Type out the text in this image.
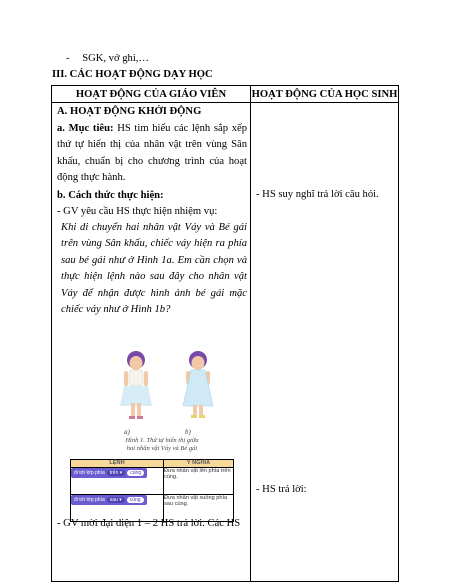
- SGK, vở ghi,…
III. CÁC HOẠT ĐỘNG DẠY HỌC
HOẠT ĐỘNG CỦA GIÁO VIÊN	HOẠT ĐỘNG CỦA HỌC SINH

A. HOẠT ĐỘNG KHỞI ĐỘNG
a. Mục tiêu: HS tìm hiểu các lệnh sắp xếp thứ tự hiển thị của nhân vật trên vùng Sân khấu, chuẩn bị cho chương trình của hoạt động thực hành.
b. Cách thức thực hiện:
- GV yêu cầu HS thực hiện nhiệm vụ:
Khi di chuyển hai nhân vật Váy và Bé gái trên vùng Sân khấu, chiếc váy hiện ra phía sau bé gái như ở Hình 1a. Em cần chọn và thực hiện lệnh nào sau đây cho nhân vật Váy để nhận được hình ảnh bé gái mặc chiếc váy như ở Hình 1b?
a)	b)
Hình 1. Thứ tự hiển thị giữa
hai nhân vật Váy và Bé gái
LỆNH	Ý NGHĨA
đi tới lớp phía trên ▾ cùng	Đưa nhân vật lên phía trên cùng.
đi tới lớp phía sau ▾ cùng	Đưa nhân vật xuống phía sau cùng.
- GV mời đại diện 1 – 2 HS trả lời. Các HS

- HS suy nghĩ trả lời câu hỏi.
- HS trả lời:
